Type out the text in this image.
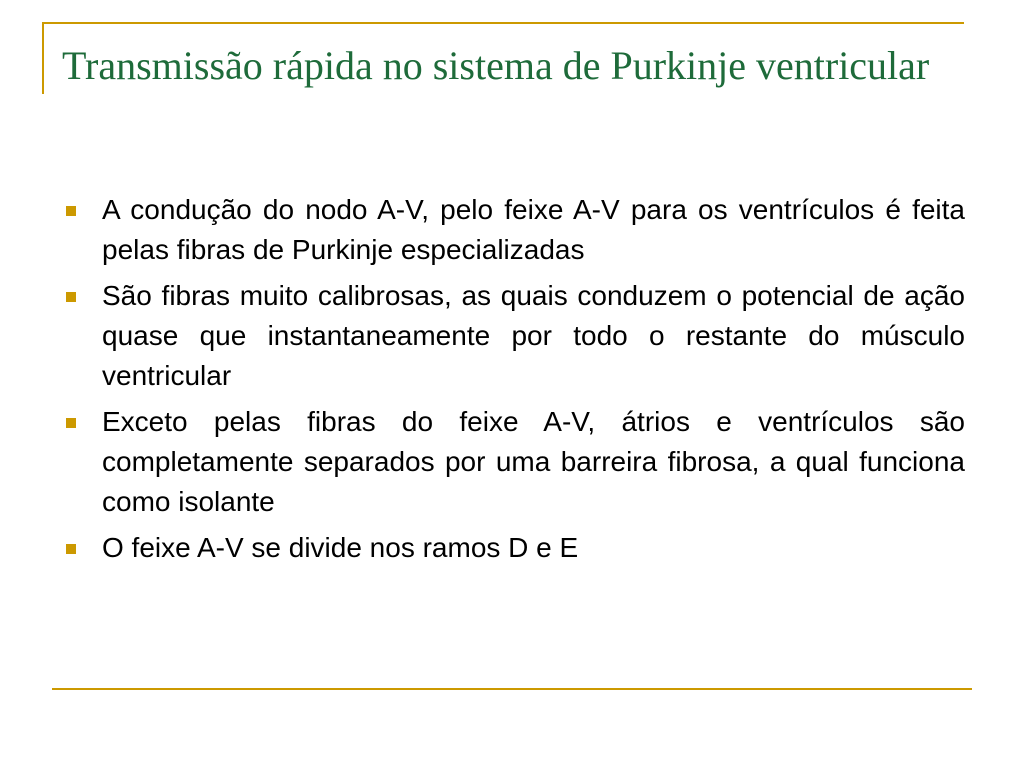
Transmissão rápida no sistema de Purkinje ventricular
A condução do nodo A-V, pelo feixe A-V para os ventrículos é feita pelas fibras de Purkinje especializadas
São fibras muito calibrosas, as quais conduzem o potencial de ação quase que instantaneamente por todo o restante do músculo ventricular
Exceto pelas fibras do feixe A-V, átrios e ventrículos são completamente separados por uma barreira fibrosa, a qual funciona como isolante
O feixe A-V se divide nos ramos D e E
